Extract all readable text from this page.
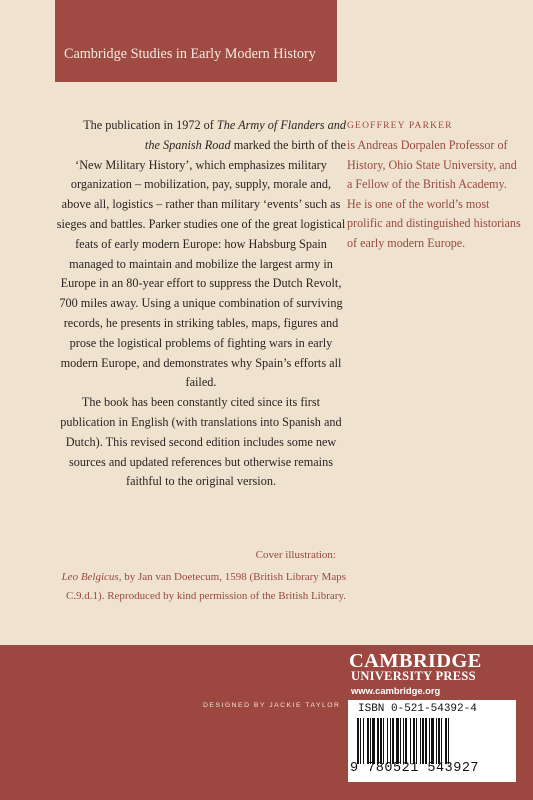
Cambridge Studies in Early Modern History

The publication in 1972 of The Army of Flanders and
the Spanish Road marked the birth of the
‘New Military History’, which emphasizes military organization – mobilization, pay, supply, morale and, above all, logistics – rather than military ‘events’ such as sieges and battles. Parker studies one of the great logistical feats of early modern Europe: how Habsburg Spain managed to maintain and mobilize the largest army in Europe in an 80-year effort to suppress the Dutch Revolt, 700 miles away. Using a unique combination of surviving records, he presents in striking tables, maps, figures and prose the logistical problems of fighting wars in early modern Europe, and demonstrates why Spain’s efforts all failed.

The book has been constantly cited since its first publication in English (with translations into Spanish and Dutch). This revised second edition includes some new sources and updated references but otherwise remains faithful to the original version.

GEOFFREY PARKER
is Andreas Dorpalen Professor of History, Ohio State University, and a Fellow of the British Academy. He is one of the world’s most prolific and distinguished historians of early modern Europe.
Cover illustration:
Leo Belgicus, by Jan van Doetecum, 1598 (British Library Maps C.9.d.1). Reproduced by kind permission of the British Library.
CAMBRIDGE
UNIVERSITY PRESS
www.cambridge.org
DESIGNED BY JACKIE TAYLOR ISBN 0-521-54392-4
9 780521 543927
